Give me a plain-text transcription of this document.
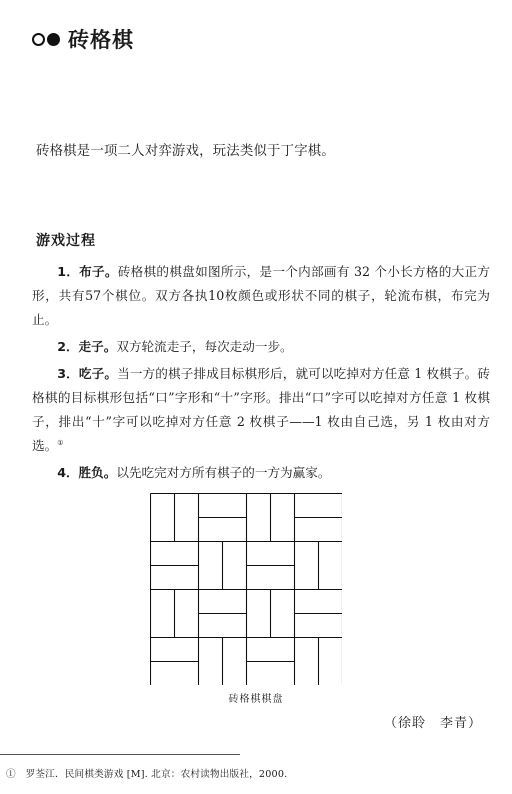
砖格棋
砖格棋是一项二人对弈游戏，玩法类似于丁字棋。
游戏过程

1．布子。砖格棋的棋盘如图所示，是一个内部画有 32 个小长方格的大正方形，共有57个棋位。双方各执10枚颜色或形状不同的棋子，轮流布棋，布完为止。

2．走子。双方轮流走子，每次走动一步。

3．吃子。当一方的棋子排成目标棋形后，就可以吃掉对方任意 1 枚棋子。砖格棋的目标棋形包括“口”字形和“十”字形。排出“口”字可以吃掉对方任意 1 枚棋子，排出“十”字可以吃掉对方任意 2 枚棋子——1 枚由自己选，另 1 枚由对方选。①

4．胜负。以先吃完对方所有棋子的一方为赢家。

砖格棋棋盘
（徐聆　李青）
①　罗荃江．民间棋类游戏 [M]. 北京：农村读物出版社，2000.
